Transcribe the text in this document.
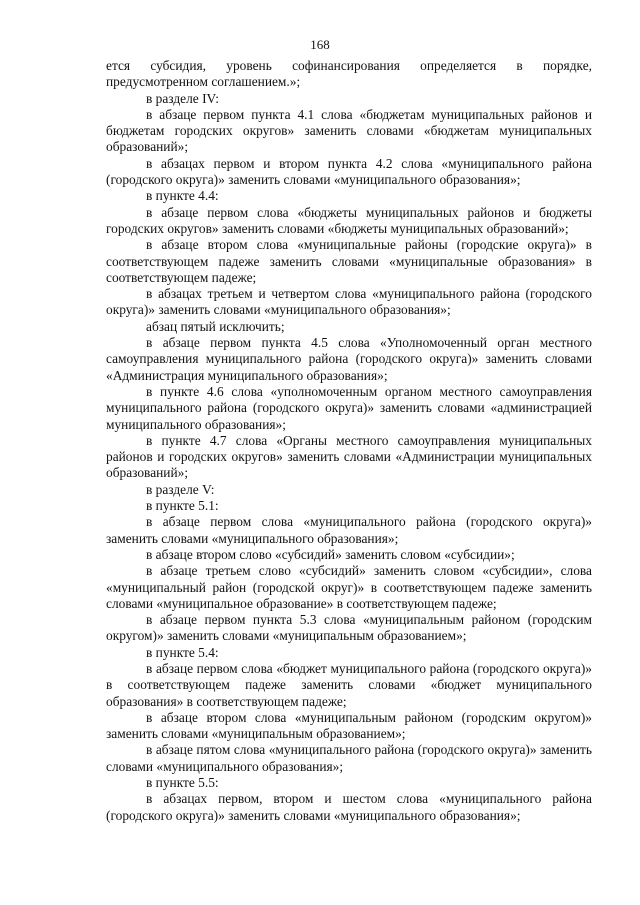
168

ется субсидия, уровень софинансирования определяется в порядке, предусмотренном соглашением.»;

в разделе IV:

в абзаце первом пункта 4.1 слова «бюджетам муниципальных районов и бюджетам городских округов» заменить словами «бюджетам муниципальных образований»;

в абзацах первом и втором пункта 4.2 слова «муниципального района (городского округа)» заменить словами «муниципального образования»;

в пункте 4.4:

в абзаце первом слова «бюджеты муниципальных районов и бюджеты городских округов» заменить словами «бюджеты муниципальных образований»;

в абзаце втором слова «муниципальные районы (городские округа)» в соответствующем падеже заменить словами «муниципальные образования» в соответствующем падеже;

в абзацах третьем и четвертом слова «муниципального района (городского округа)» заменить словами «муниципального образования»;

абзац пятый исключить;

в абзаце первом пункта 4.5 слова «Уполномоченный орган местного самоуправления муниципального района (городского округа)» заменить словами «Администрация муниципального образования»;

в пункте 4.6 слова «уполномоченным органом местного самоуправления муниципального района (городского округа)» заменить словами «администрацией муниципального образования»;

в пункте 4.7 слова «Органы местного самоуправления муниципальных районов и городских округов» заменить словами «Администрации муниципальных образований»;

в разделе V:

в пункте 5.1:

в абзаце первом слова «муниципального района (городского округа)» заменить словами «муниципального образования»;

в абзаце втором слово «субсидий» заменить словом «субсидии»;

в абзаце третьем слово «субсидий» заменить словом «субсидии», слова «муниципальный район (городской округ)» в соответствующем падеже заменить словами «муниципальное образование» в соответствующем падеже;

в абзаце первом пункта 5.3 слова «муниципальным районом (городским округом)» заменить словами «муниципальным образованием»;

в пункте 5.4:

в абзаце первом слова «бюджет муниципального района (городского округа)» в соответствующем падеже заменить словами «бюджет муниципального образования» в соответствующем падеже;

в абзаце втором слова «муниципальным районом (городским округом)» заменить словами «муниципальным образованием»;

в абзаце пятом слова «муниципального района (городского округа)» заменить словами «муниципального образования»;

в пункте 5.5:

в абзацах первом, втором и шестом слова «муниципального района (городского округа)» заменить словами «муниципального образования»;
